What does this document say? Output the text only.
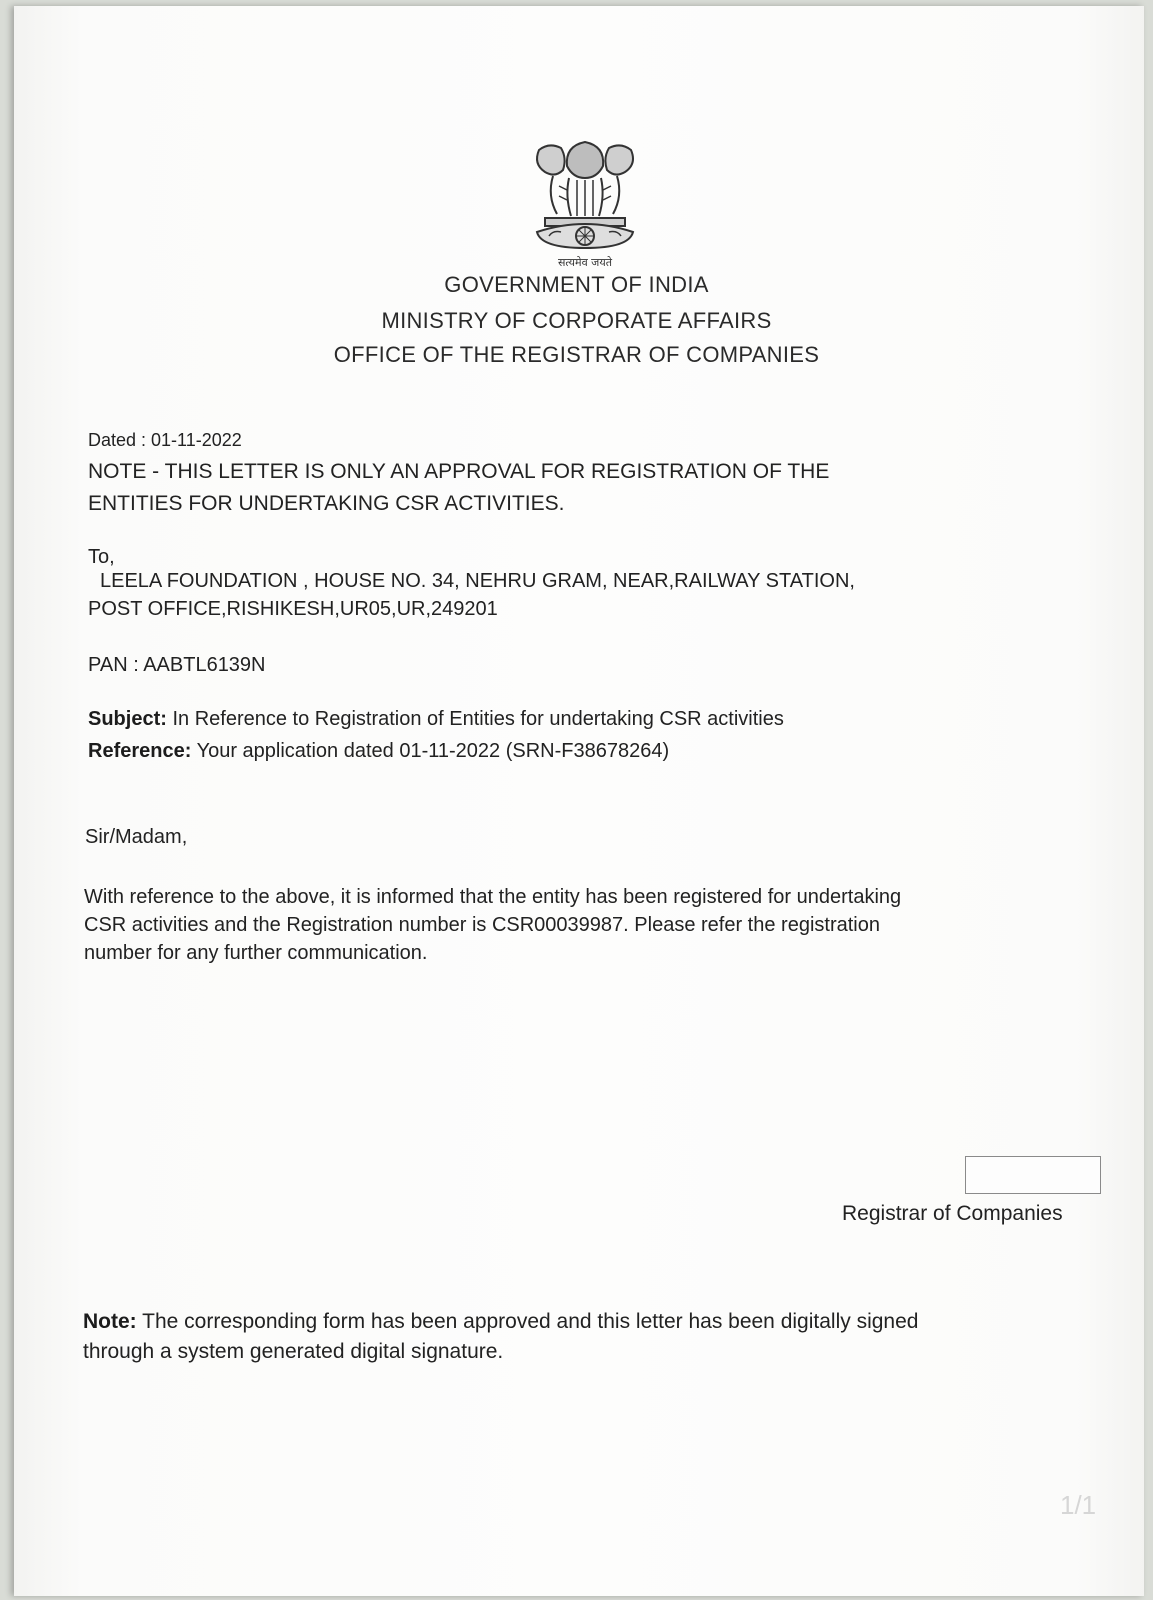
सत्यमेव जयते
GOVERNMENT OF INDIA
MINISTRY OF CORPORATE AFFAIRS
OFFICE OF THE REGISTRAR OF COMPANIES
Dated : 01-11-2022
NOTE - THIS LETTER IS ONLY AN APPROVAL FOR REGISTRATION OF THE
ENTITIES FOR UNDERTAKING CSR ACTIVITIES.
To,
LEELA FOUNDATION , HOUSE NO. 34, NEHRU GRAM, NEAR,RAILWAY STATION,
POST OFFICE,RISHIKESH,UR05,UR,249201
PAN : AABTL6139N
Subject: In Reference to Registration of Entities for undertaking CSR activities
Reference: Your application dated 01-11-2022 (SRN-F38678264)
Sir/Madam,
With reference to the above, it is informed that the entity has been registered for undertaking
CSR activities and the Registration number is CSR00039987. Please refer the registration
number for any further communication.
Registrar of Companies
Note: The corresponding form has been approved and this letter has been digitally signed
through a system generated digital signature.
1/1
